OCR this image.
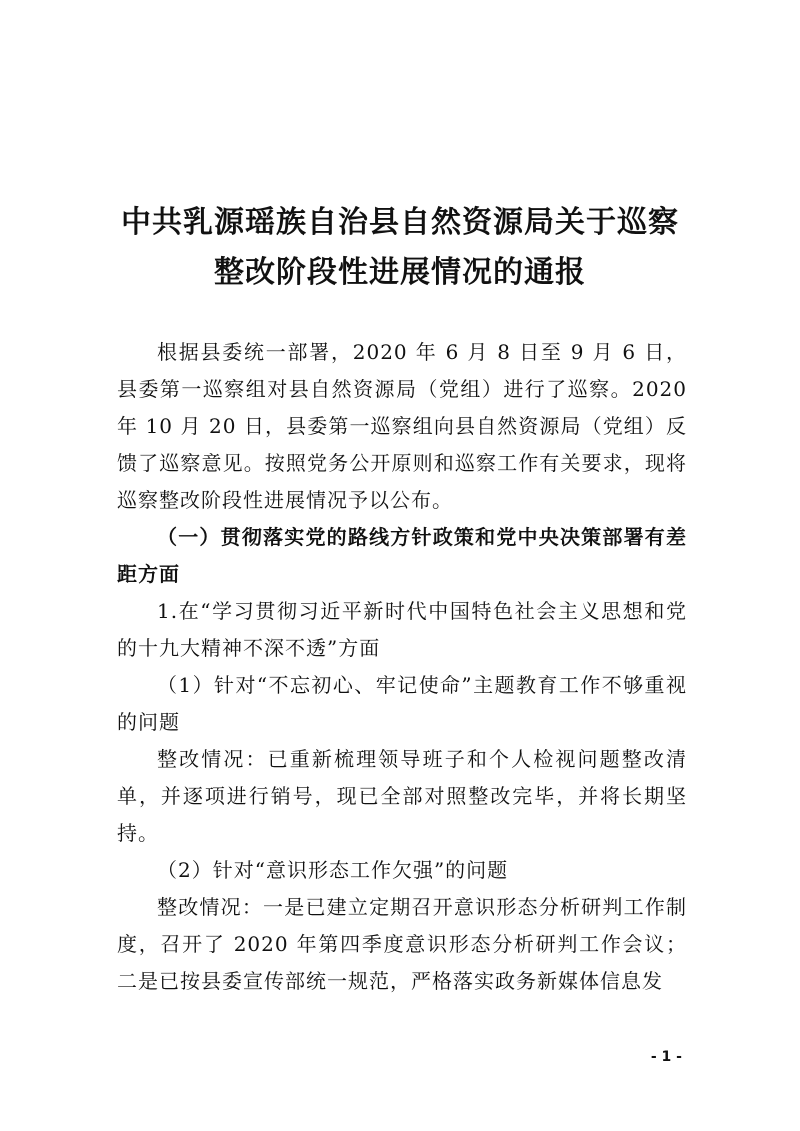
中共乳源瑶族自治县自然资源局关于巡察
整改阶段性进展情况的通报

根据县委统一部署，2020 年 6 月 8 日至 9 月 6 日，县委第一巡察组对县自然资源局（党组）进行了巡察。2020 年 10 月 20 日，县委第一巡察组向县自然资源局（党组）反馈了巡察意见。按照党务公开原则和巡察工作有关要求，现将巡察整改阶段性进展情况予以公布。

（一）贯彻落实党的路线方针政策和党中央决策部署有差距方面

1.在“学习贯彻习近平新时代中国特色社会主义思想和党的十九大精神不深不透”方面

（1）针对“不忘初心、牢记使命”主题教育工作不够重视的问题

整改情况：已重新梳理领导班子和个人检视问题整改清单，并逐项进行销号，现已全部对照整改完毕，并将长期坚持。

（2）针对“意识形态工作欠强”的问题

整改情况：一是已建立定期召开意识形态分析研判工作制度，召开了 2020 年第四季度意识形态分析研判工作会议；二是已按县委宣传部统一规范，严格落实政务新媒体信息发

- 1 -
